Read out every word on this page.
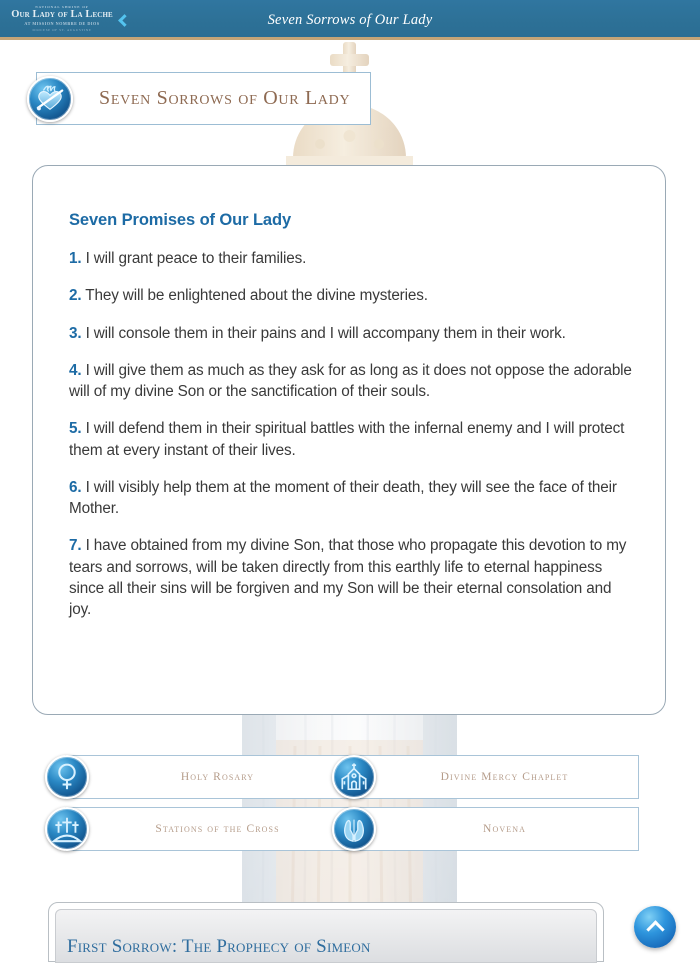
NATIONAL SHRINE OF
Our Lady of La Leche
AT MISSION NOMBRE DE DIOS
DIOCESE OF ST. AUGUSTINE
Seven Sorrows of Our Lady
Seven Sorrows of Our Lady
Seven Promises of Our Lady
1. I will grant peace to their families.
2. They will be enlightened about the divine mysteries.
3. I will console them in their pains and I will accompany them in their work.
4. I will give them as much as they ask for as long as it does not oppose the adorable will of my divine Son or the sanctification of their souls.
5. I will defend them in their spiritual battles with the infernal enemy and I will protect them at every instant of their lives.
6. I will visibly help them at the moment of their death, they will see the face of their Mother.
7. I have obtained from my divine Son, that those who propagate this devotion to my tears and sorrows, will be taken directly from this earthly life to eternal happiness since all their sins will be forgiven and my Son will be their eternal consolation and joy.
Holy Rosary	Divine Mercy Chaplet
Stations of the Cross	Novena
First Sorrow: The Prophecy of Simeon
